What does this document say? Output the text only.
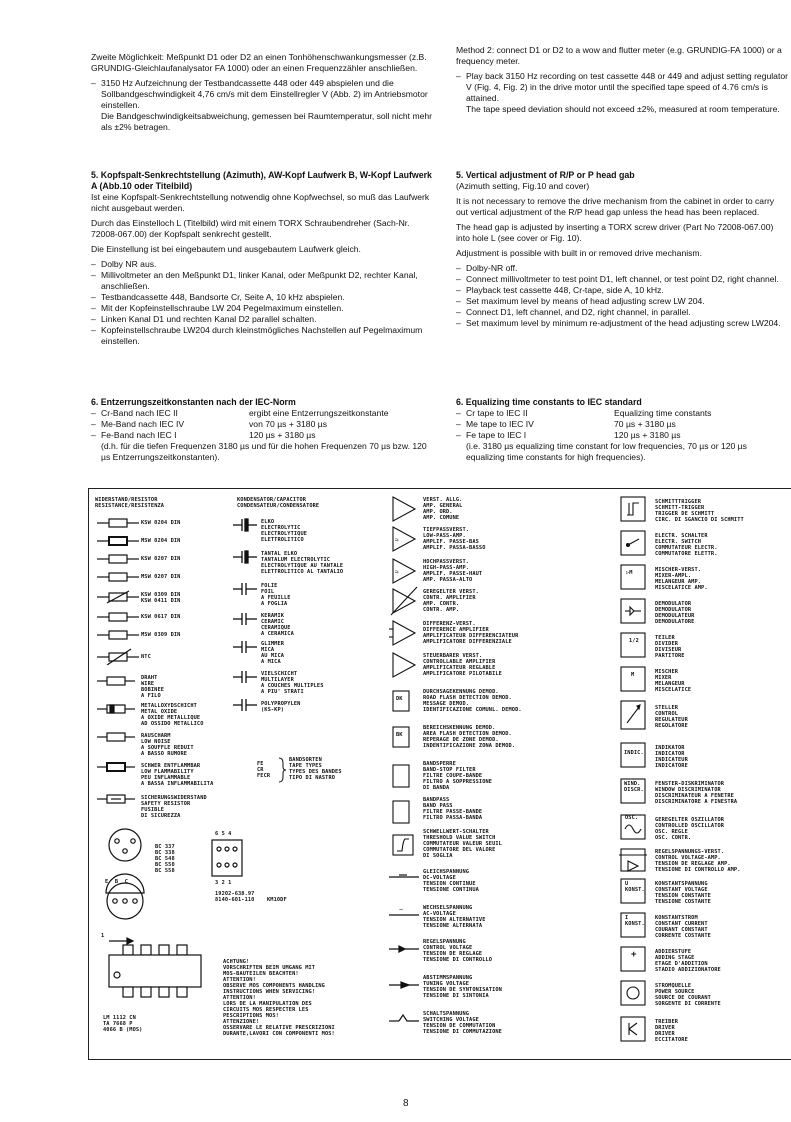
Zweite Möglichkeit: Meßpunkt D1 oder D2 an einen Tonhöhenschwankungsmesser (z.B. GRUNDIG-Gleichlaufanalysator FA 1000) oder an einen Frequenzzähler anschließen.

– 3150 Hz Aufzeichnung der Testbandcassette 448 oder 449 abspielen und die Sollbandgeschwindigkeit 4,76 cm/s mit dem Einstellregler V (Abb. 2) im Antriebsmotor einstellen.

Die Bandgeschwindigkeitsabweichung, gemessen bei Raumtemperatur, soll nicht mehr als ±2% betragen.

Method 2: connect D1 or D2 to a wow and flutter meter (e.g. GRUNDIG-FA 1000) or a frequency meter.

– Play back 3150 Hz recording on test cassette 448 or 449 and adjust setting regulator V (Fig. 4, Fig. 2) in the drive motor until the specified tape speed of 4.76 cm/s is attained.

The tape speed deviation should not exceed ±2%, measured at room temperature.

5. Kopfspalt-Senkrechtstellung (Azimuth), AW-Kopf Laufwerk B, W-Kopf Laufwerk A (Abb.10 oder Titelbild)

Ist eine Kopfspalt-Senkrechtstellung notwendig ohne Kopfwechsel, so muß das Laufwerk nicht ausgebaut werden.

Durch das Einstelloch L (Titelbild) wird mit einem TORX Schraubendreher (Sach-Nr. 72008-067.00) der Kopfspalt senkrecht gestellt.

Die Einstellung ist bei eingebautem und ausgebautem Laufwerk gleich.

– Dolby NR aus.
– Millivoltmeter an den Meßpunkt D1, linker Kanal, oder Meßpunkt D2, rechter Kanal, anschließen.
– Testbandcassette 448, Bandsorte Cr, Seite A, 10 kHz abspielen.
– Mit der Kopfeinstellschraube LW 204 Pegelmaximum einstellen.
– Linken Kanal D1 und rechten Kanal D2 parallel schalten.
– Kopfeinstellschraube LW204 durch kleinstmögliches Nachstellen auf Pegelmaximum einstellen.
5. Vertical adjustment of R/P or P head gab

(Azimuth setting, Fig.10 and cover)

It is not necessary to remove the drive mechanism from the cabinet in order to carry out vertical adjustment of the R/P head gap unless the head has been replaced.

The head gap is adjusted by inserting a TORX screw driver (Part No 72008-067.00) into hole L (see cover or Fig. 10).

Adjustment is possible with built in or removed drive mechanism.

– Dolby-NR off.
– Connect millivoltmeter to test point D1, left channel, or test point D2, right channel.
– Playback test cassette 448, Cr-tape, side A, 10 kHz.
– Set maximum level by means of head adjusting screw LW 204.
– Connect D1, left channel, and D2, right channel, in parallel.
– Set maximum level by minimum re-adjustment of the head adjusting screw LW204.
6. Entzerrungszeitkonstanten nach der IEC-Norm
– Cr-Band nach IEC II	ergibt eine Entzerrungszeitkonstante
– Me-Band nach IEC IV	von 70 µs + 3180 µs
– Fe-Band nach IEC I	120 µs + 3180 µs

(d.h. für die tiefen Frequenzen 3180 µs und für die hohen Frequenzen 70 µs bzw. 120 µs Entzerrungszeitkonstanten).

6. Equalizing time constants to IEC standard
– Cr tape to IEC II	Equalizing time constants
– Me tape to IEC IV	70 µs + 3180 µs
– Fe tape to IEC I	120 µs + 3180 µs

(i.e. 3180 µs equalizing time constant for low frequencies, 70 µs or 120 µs equalizing time constants for high frequencies).

WIDERSTAND/RESISTOR
RESISTANCE/RESISTENZA
KSW 0204 DIN
MSW 0204 DIN
KSW 0207 DIN
MSW 0207 DIN
KSW 0309 DIN
KSW 0411 DIN
KSW 0617 DIN
MSW 0309 DIN
NTC
DRAHT
WIRE
BOBINEE
A FILO
METALLOXYDSCHICHT
METAL OXIDE
A OXIDE METALLIQUE
AD OSSIDO METALLICO
RAUSCHARM
LOW NOISE
A SOUFFLE REDUIT
A BASSO RUMORE
SCHWER ENTFLAMMBAR
LOW FLAMMABILITY
PEU INFLAMMABLE
A BASSA INFLAMMABILITA
SICHERUNGSWIDERSTAND
SAFETY RESISTOR
FUSIBLE
DI SICUREZZA
E  B  C
BC 337
BC 338
BC 548
BC 550
BC 558
6 5 4
3 2 1
19202-638.97
8140-601-110 KM10DF
1
LM 1112 CN
TA 7668 P
4066 B (MOS)
ACHTUNG!
VORSCHRIFTEN BEIM UMGANG MIT
MOS-BAUTEILEN BEACHTEN!
ATTENTION!
OBSERVE MOS COMPONENTS HANDLING
INSTRUCTIONS WHEN SERVICING!
ATTENTION!
LORS DE LA MANIPULATION DES
CIRCUITS MOS RESPECTER LES
PESCRIPTIONS MOS!
ATTENZIONE!
OSSERVARE LE RELATIVE PRESCRIZIONI
DURANTE,LAVORI CON COMPONENTI MOS!
KONDENSATOR/CAPACITOR
CONDENSATEUR/CONDENSATORE
ELKO
ELECTROLYTIC
ELECTROLYTIQUE
ELETTROLITICO
TANTAL ELKO
TANTALUM ELECTROLYTIC
ELECTROLYTIQUE AU TANTALE
ELETTROLITICO AL TANTALIO
FOLIE
FOIL
A FEUILLE
A FOGLIA
KERAMIK
CERAMIC
CERAMIQUE
A CERAMICA
GLIMMER
MICA
AU MICA
A MICA
VIELSCHICHT
MULTILAYER
A COUCHES MULTIPLES
A PIU' STRATI
POLYPROPYLEN
(KS-KP)
FE
CR
FECR
BANDSORTEN
TAPE TYPES
TYPES DES BANDES
TIPO DI NASTRO
≈
≈
DK
BK
VERST. ALLG.
AMP. GENERAL
AMP. ORD.
AMP. COMUNE
TIEFPASSVERST.
LOW-PASS-AMP.
AMPLIF. PASSE-BAS
AMPLIF. PASSA-BASSO
HOCHPASSVERST.
HIGH-PASS-AMP.
AMPLIF. PASSE-HAUT
AMP. PASSA-ALTO
GEREGELTER VERST.
CONTR. AMPLIFIER
AMP. CONTR.
CONTR. AMP.
DIFFERENZ-VERST.
DIFFERENCE AMPLIFIER
AMPLIFICATEUR DIFFERENCIATEUR
AMPLIFICATORE DIFFERENZIALE
STEUERBARER VERST.
CONTROLLABLE AMPLIFIER
AMPLIFICATEUR REGLABLE
AMPLIFICATORE PILOTABILE
DURCHSAGEKENNUNG DEMOD.
ROAD FLASH DETECTION DEMOD.
MESSAGE DEMOD.
IDENTIFICAZIONE COMUNL. DEMOD.
BEREICHSKENNUNG DEMOD.
AREA FLASH DETECTION DEMOD.
REPERAGE DE ZONE DEMOD.
INDENTIFICAZIONE ZONA DEMOD.
BANDSPERRE
BAND-STOP FILTER
FILTRE COUPE-BANDE
FILTRO A SOPPRESSIONE
DI BANDA
BANDPASS
BAND PASS
FILTRE PASSE-BANDE
FILTRO PASSA-BANDA
SCHWELLWERT-SCHALTER
THRESHOLD VALUE SWITCH
COMMUTATEUR VALEUR SEUIL
COMMUTATORE DEL VALORE
DI SOGLIA
~
GLEICHSPANNUNG
DC-VOLTAGE
TENSION CONTINUE
TENSIONE CONTINUA
WECHSELSPANNUNG
AC-VOLTAGE
TENSION ALTERNATIVE
TENSIONE ALTERNATA
REGELSPANNUNG
CONTROL VOLTAGE
TENSION DE REGLAGE
TENSIONE DI CONTROLLO
ABSTIMMSPANNUNG
TUNING VOLTAGE
TENSION DE SYNTONISATION
TENSIONE DI SINTONIA
SCHALTSPANNUNG
SWITCHING VOLTAGE
TENSION DE COMMUTATION
TENSIONE DI COMMUTAZIONE
▷M
1/2
M
INDIC.
WIND.
DISCR.
OSC.
U
KONST.
I
KONST.
+
SCHMITTTRIGGER
SCHMITT-TRIGGER
TRIGGER DE SCHMITT
CIRC. DI SGANCIO DI SCHMITT
ELECTR. SCHALTER
ELECTR. SWITCH
COMMUTATEUR ELECTR.
COMMUTATORE ELETTR.
MISCHER-VERST.
MIXER-AMPL.
MELANGEUR AMP.
MISCELATICE AMP.
DEMODULATOR
DEMODULATOR
DEMODULATEUR
DEMODULATORE
TEILER
DIVIDER
DIVISEUR
PARTITORE
MISCHER
MIXER
MELANGEUR
MISCELATICE
STELLER
CONTROL
REGULATEUR
REGOLATORE
INDIKATOR
INDICATOR
INDICATEUR
INDICATORE
FENSTER-DISKRIMINATOR
WINDOW DISCRIMINATOR
DISCRIMINATEUR A FENETRE
DISCRIMINATORE A FINESTRA
GEREGELTER OSZILLATOR
CONTROLLED OSCILLATOR
OSC. REGLE
OSC. CONTR.
REGELSPANNUNGS-VERST.
CONTROL VOLTAGE-AMP.
TENSION DE REGLAGE AMP.
TENSIONE DI CONTROLLO AMP.
KONSTANTSPANNUNG
CONSTANT VOLTAGE
TENSION CONSTANTE
TENSIONE COSTANTE
KONSTANTSTROM
CONSTANT CURRENT
COURANT CONSTANT
CORRENTE COSTANTE
ADDIERSTUFE
ADDING STAGE
ETAGE D'ADDITION
STADIO ADDIZIONATORE
STROMQUELLE
POWER SOURCE
SOURCE DE COURANT
SORGENTE DI CORRENTE
TREIBER
DRIVER
DRIVER
ECCITATORE
8
